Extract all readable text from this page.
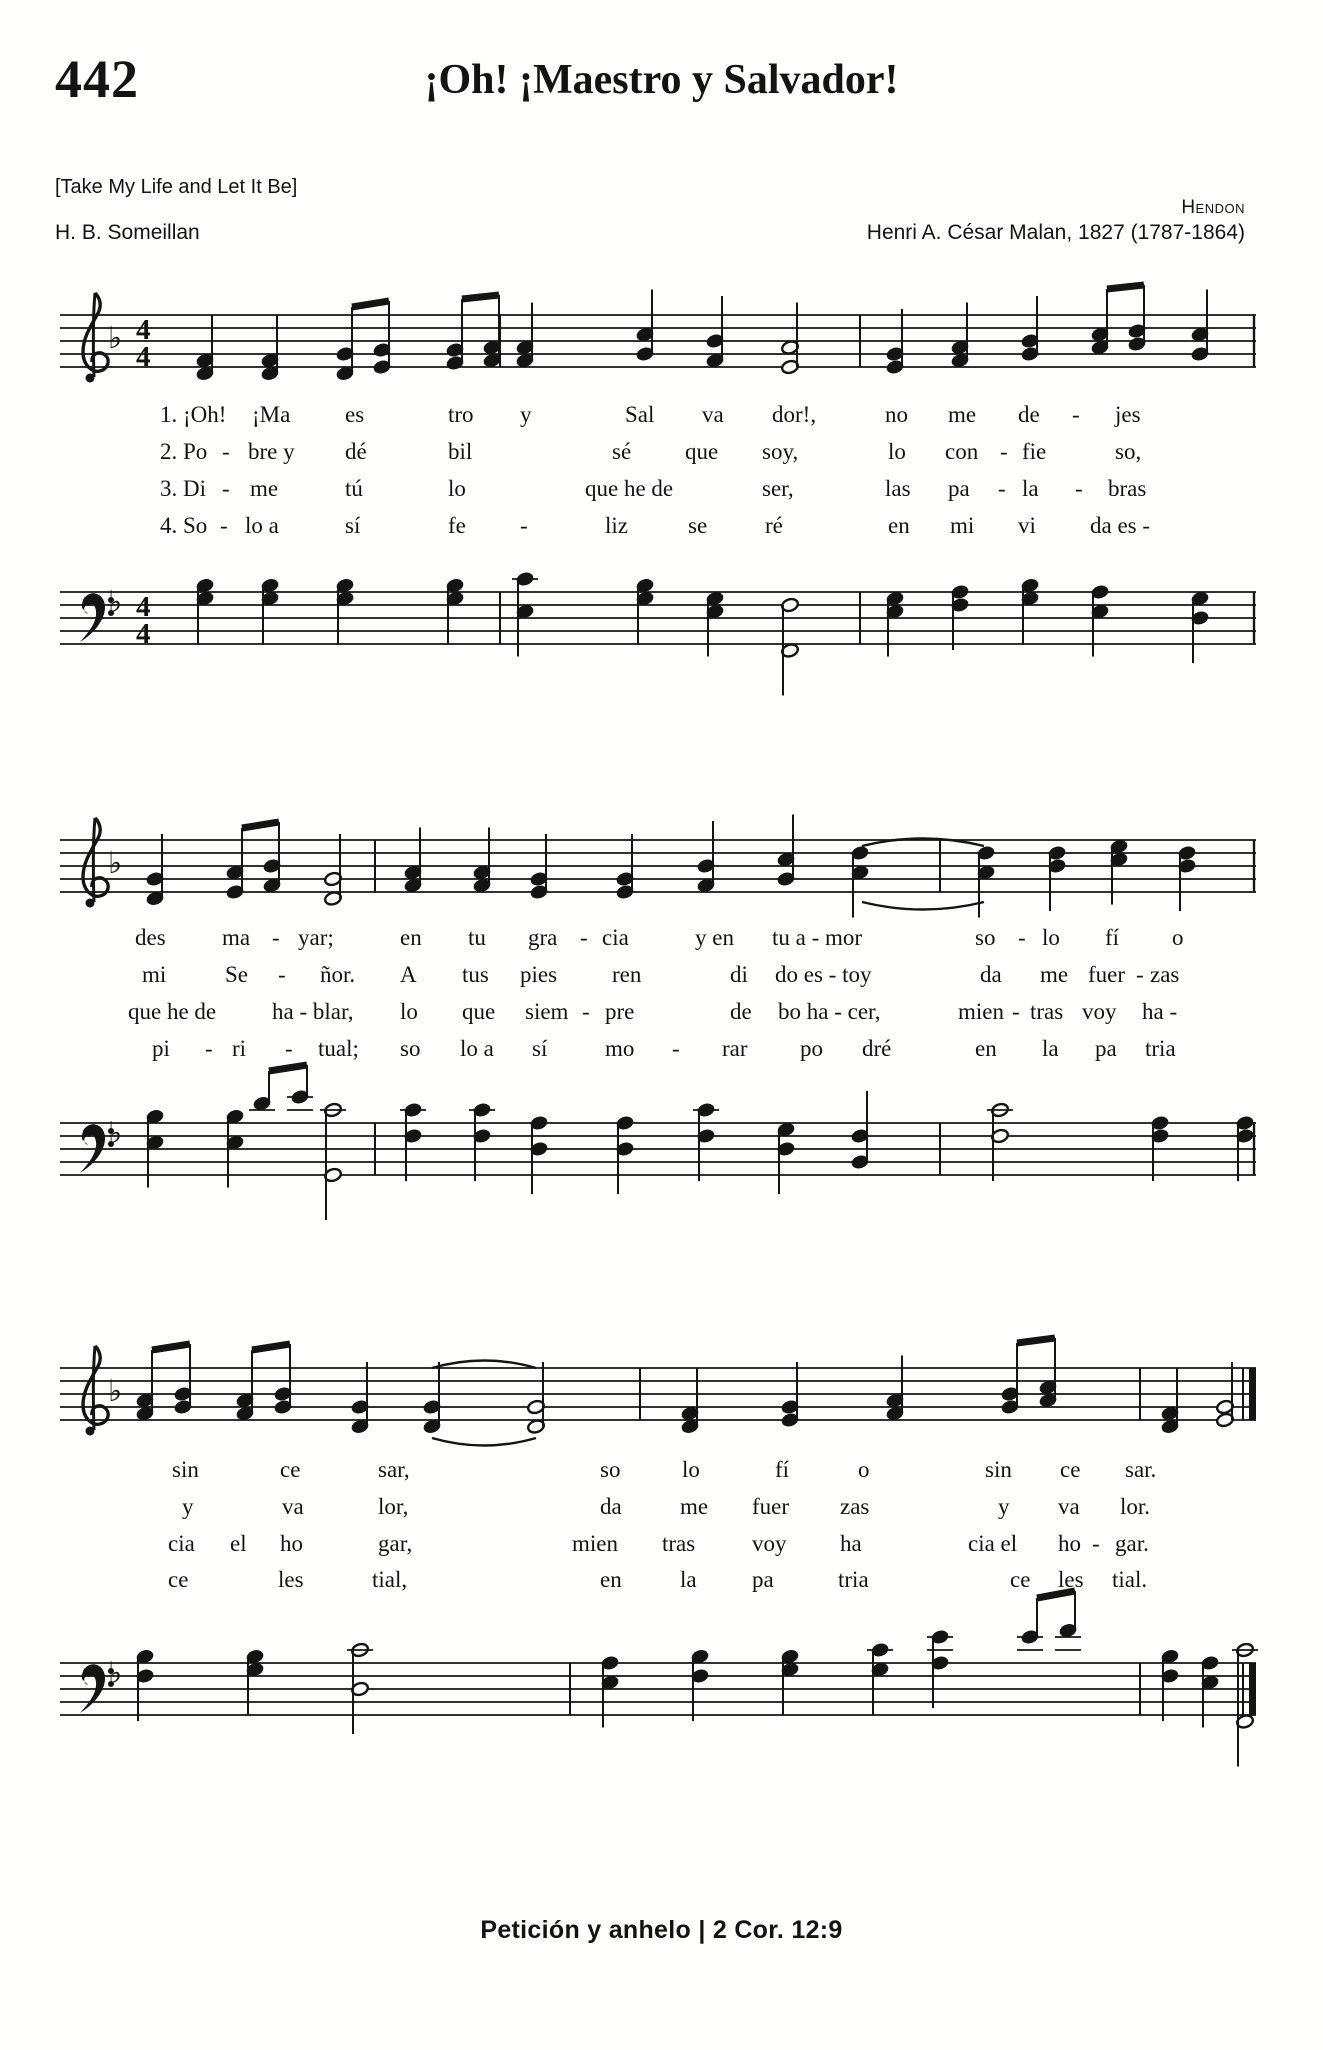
442	¡Oh! ¡Maestro y Salvador!
[Take My Life and Let It Be]
Hendon
H. B. Someillan	Henri A. César Malan, 1827 (1787-1864)
♭ 4
4
♭ 4
4
♭
♭
♭
♭
1. ¡Oh! ¡Ma es	tro y	Sal va dor!,	no me de - jes
2. Po - bre y dé	bil	sé que soy,	lo con - fie	so,
3. Di - me	tú	lo	que he de	ser,	las pa - la - bras
4. So - lo a	sí	fe -	liz	se	ré	en mi vi da es -
des ma - yar;	en tu gra - cia	y en tu a - mor	so - lo fí o
mi	Se - ñor. A tus pies ren	di do es - toy	da me fuer - zas
que he de ha - blar, lo que siem - pre	de bo ha - cer,	mien - tras voy ha -
pi - ri - tual; so lo a sí	mo - rar po dré	en la pa tria
sin	ce	sar,	so	lo	fí	o	sin ce sar.
y	va	lor,	da	me fuer zas	y va lor.
cia el ho	gar,	mien tras voy ha	cia el ho - gar.
ce	les	tial,	en	la pa	tria	ce les tial.
Petición y anhelo | 2 Cor. 12:9
